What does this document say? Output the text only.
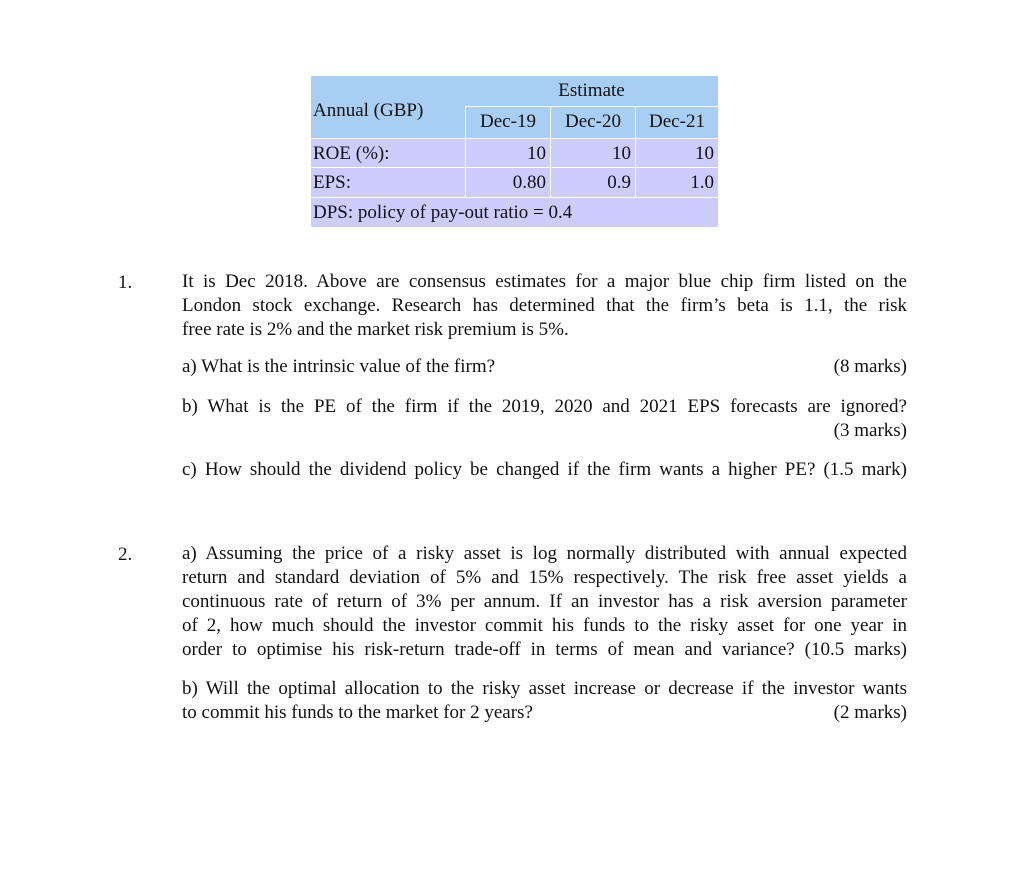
Estimate
Annual (GBP)
Dec-19	Dec-20	Dec-21
ROE (%):	10	10	10
EPS:	0.80	0.9	1.0
DPS: policy of pay-out ratio = 0.4
1.	It is Dec 2018. Above are consensus estimates for a major blue chip firm listed on the
London stock exchange. Research has determined that the firm’s beta is 1.1, the risk
free rate is 2% and the market risk premium is 5%.
a) What is the intrinsic value of the firm?	(8 marks)
b) What is the PE of the firm if the 2019, 2020 and 2021 EPS forecasts are ignored?
(3 marks)
c) How should the dividend policy be changed if the firm wants a higher PE? (1.5 mark)
2.	a) Assuming the price of a risky asset is log normally distributed with annual expected
return and standard deviation of 5% and 15% respectively. The risk free asset yields a
continuous rate of return of 3% per annum. If an investor has a risk aversion parameter
of 2, how much should the investor commit his funds to the risky asset for one year in
order to optimise his risk-return trade-off in terms of mean and variance? (10.5 marks)
b) Will the optimal allocation to the risky asset increase or decrease if the investor wants
to commit his funds to the market for 2 years?	(2 marks)
